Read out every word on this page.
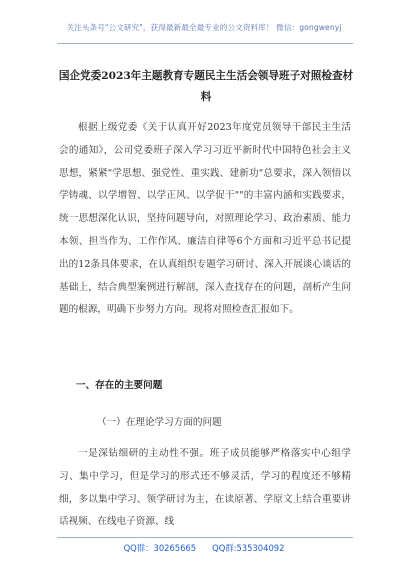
关注头条号"公文研究"，获得最新最全最专业的公文资料库！ 微信：gongwenyj
国企党委2023年主题教育专题民主生活会领导班子对照检查材料

根据上级党委《关于认真开好2023年度党员领导干部民主生活会的通知》，公司党委班子深入学习习近平新时代中国特色社会主义思想，紧紧"学思想、强党性、重实践、建新功"总要求，深入领悟以学铸魂、以学增智、以学正风、以学促干""的丰富内涵和实践要求，统一思想深化认识，坚持问题导向，对照理论学习、政治素质、能力本领、担当作为、工作作风、廉洁自律等6个方面和习近平总书记提出的12条具体要求，在认真组织专题学习研讨、深入开展谈心谈话的基础上，结合典型案例进行解剖，深入查找存在的问题，剖析产生问题的根源，明确下步努力方向。现将对照检查汇报如下。

一、存在的主要问题

（一）在理论学习方面的问题

一是深钻细研的主动性不强。班子成员能够严格落实中心组学习、集中学习，但是学习的形式还不够灵活，学习的程度还不够精细，多以集中学习、领学研讨为主，在读原著、学原文上结合重要讲话视频、在线电子资源、线

QQ群：30265665      QQ群:535304092
